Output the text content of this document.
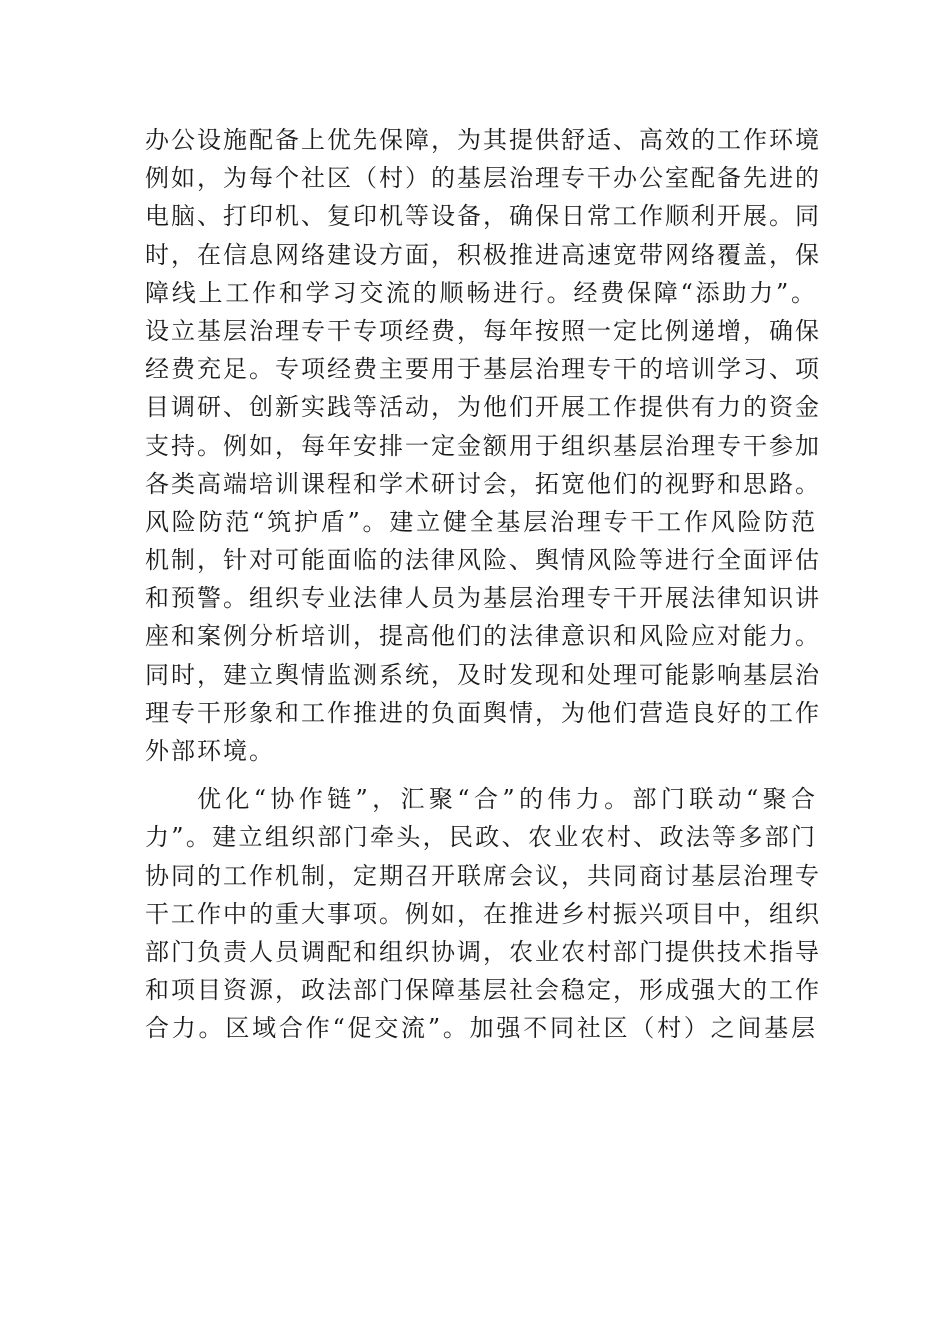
办公设施配备上优先保障，为其提供舒适、高效的工作环境
例如，为每个社区（村）的基层治理专干办公室配备先进的
电脑、打印机、复印机等设备，确保日常工作顺利开展。同
时，在信息网络建设方面，积极推进高速宽带网络覆盖，保
障线上工作和学习交流的顺畅进行。经费保障“添助力”。
设立基层治理专干专项经费，每年按照一定比例递增，确保
经费充足。专项经费主要用于基层治理专干的培训学习、项
目调研、创新实践等活动，为他们开展工作提供有力的资金
支持。例如，每年安排一定金额用于组织基层治理专干参加
各类高端培训课程和学术研讨会，拓宽他们的视野和思路。
风险防范“筑护盾”。建立健全基层治理专干工作风险防范
机制，针对可能面临的法律风险、舆情风险等进行全面评估
和预警。组织专业法律人员为基层治理专干开展法律知识讲
座和案例分析培训，提高他们的法律意识和风险应对能力。
同时，建立舆情监测系统，及时发现和处理可能影响基层治
理专干形象和工作推进的负面舆情，为他们营造良好的工作
外部环境。
优化“协作链”，汇聚“合”的伟力。部门联动“聚合
力”。建立组织部门牵头，民政、农业农村、政法等多部门
协同的工作机制，定期召开联席会议，共同商讨基层治理专
干工作中的重大事项。例如，在推进乡村振兴项目中，组织
部门负责人员调配和组织协调，农业农村部门提供技术指导
和项目资源，政法部门保障基层社会稳定，形成强大的工作
合力。区域合作“促交流”。加强不同社区（村）之间基层
